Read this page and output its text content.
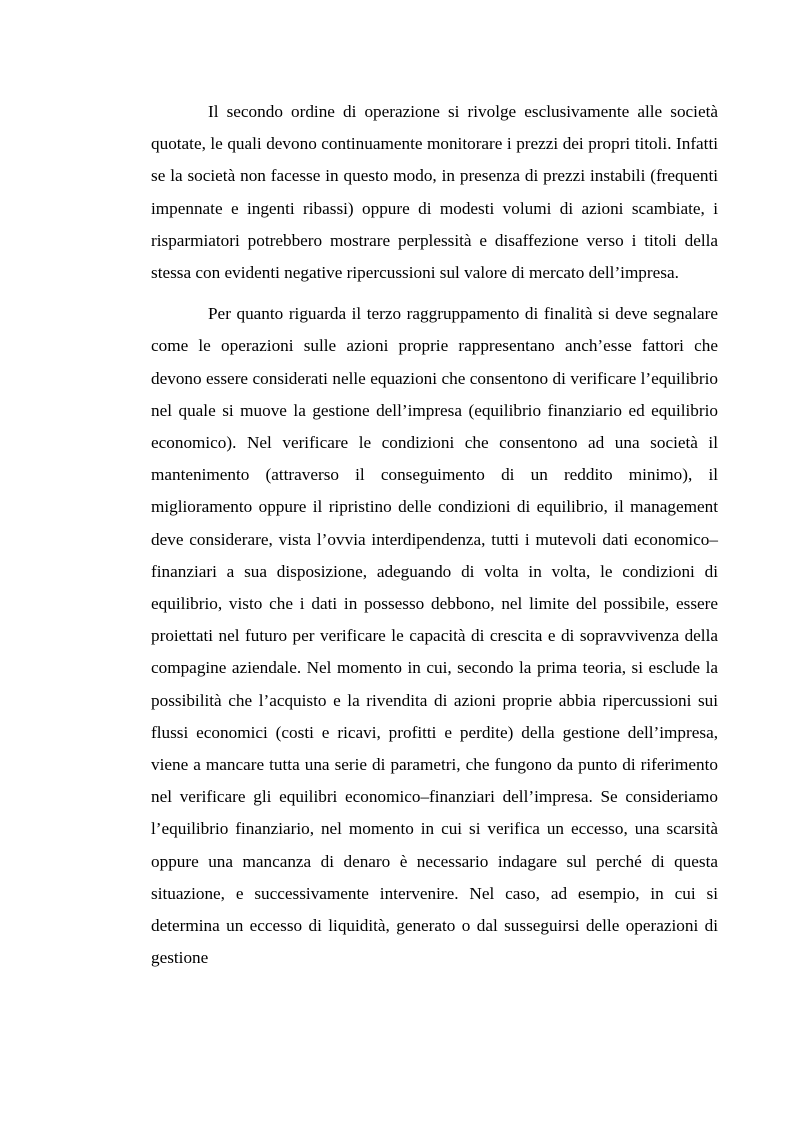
Il secondo ordine di operazione si rivolge esclusivamente alle società quotate, le quali devono continuamente monitorare i prezzi dei propri titoli. Infatti se la società non facesse in questo modo, in presenza di prezzi instabili (frequenti impennate e ingenti ribassi) oppure di modesti volumi di azioni scambiate, i risparmiatori potrebbero mostrare perplessità e disaffezione verso i titoli della stessa con evidenti negative ripercussioni sul valore di mercato dell’impresa.

Per quanto riguarda il terzo raggruppamento di finalità si deve segnalare come le operazioni sulle azioni proprie rappresentano anch’esse fattori che devono essere considerati nelle equazioni che consentono di verificare l’equilibrio nel quale si muove la gestione dell’impresa (equilibrio finanziario ed equilibrio economico). Nel verificare le condizioni che consentono ad una società il mantenimento (attraverso il conseguimento di un reddito minimo), il miglioramento oppure il ripristino delle condizioni di equilibrio, il management deve considerare, vista l’ovvia interdipendenza, tutti i mutevoli dati economico–finanziari a sua disposizione, adeguando di volta in volta, le condizioni di equilibrio, visto che i dati in possesso debbono, nel limite del possibile, essere proiettati nel futuro per verificare le capacità di crescita e di sopravvivenza della compagine aziendale. Nel momento in cui, secondo la prima teoria, si esclude la possibilità che l’acquisto e la rivendita di azioni proprie abbia ripercussioni sui flussi economici (costi e ricavi, profitti e perdite) della gestione dell’impresa, viene a mancare tutta una serie di parametri, che fungono da punto di riferimento nel verificare gli equilibri economico–finanziari dell’impresa. Se consideriamo l’equilibrio finanziario, nel momento in cui si verifica un eccesso, una scarsità oppure una mancanza di denaro è necessario indagare sul perché di questa situazione, e successivamente intervenire. Nel caso, ad esempio, in cui si determina un eccesso di liquidità, generato o dal susseguirsi delle operazioni di gestione
